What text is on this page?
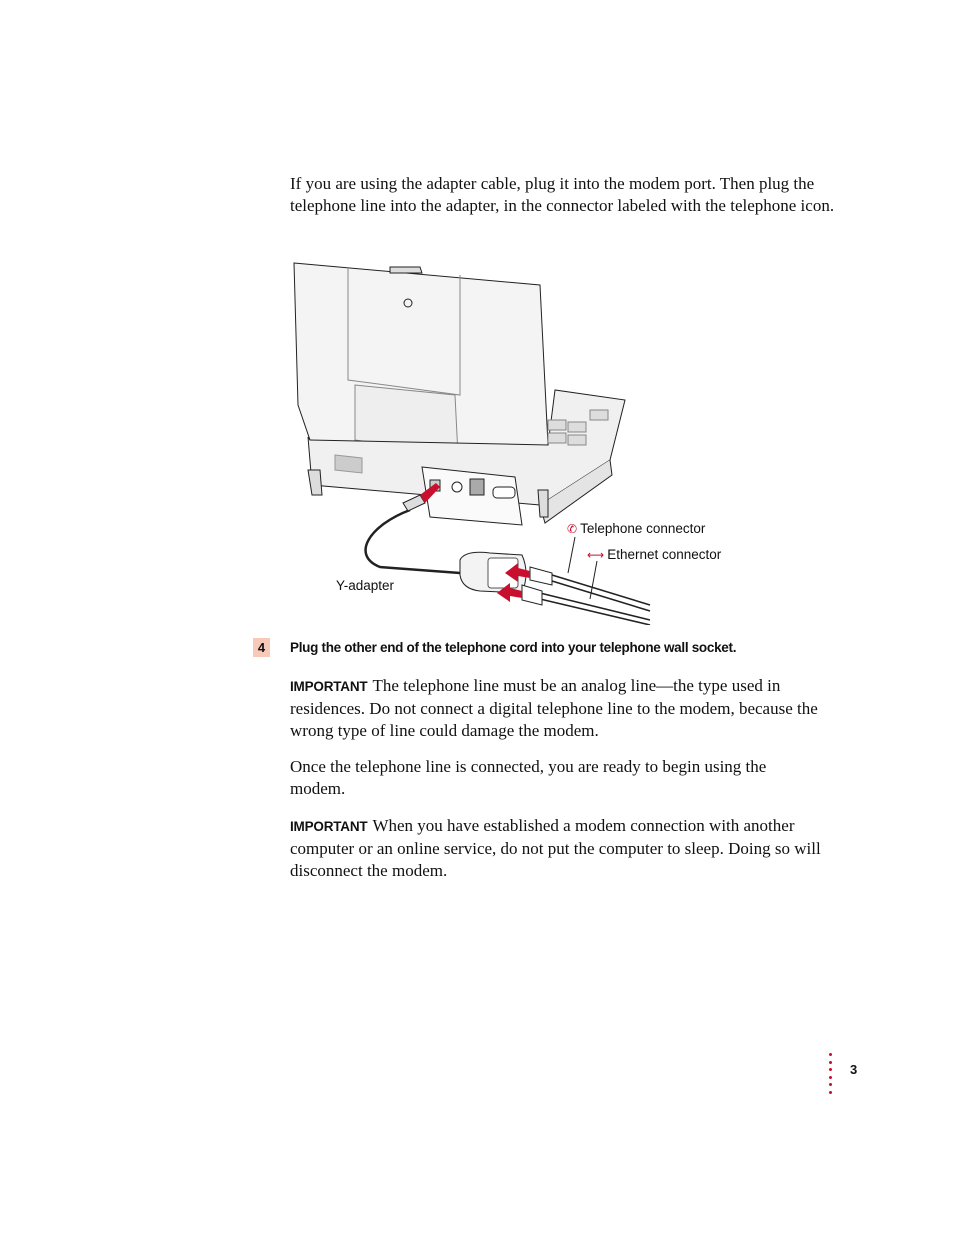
If you are using the adapter cable, plug it into the modem port. Then plug the telephone line into the adapter, in the connector labeled with the telephone icon.

✆ Telephone connector
⟷ Ethernet connector
Y-adapter
4	Plug the other end of the telephone cord into your telephone wall socket.

IMPORTANT The telephone line must be an analog line—the type used in residences. Do not connect a digital telephone line to the modem, because the wrong type of line could damage the modem.

Once the telephone line is connected, you are ready to begin using the modem.

IMPORTANT When you have established a modem connection with another computer or an online service, do not put the computer to sleep. Doing so will disconnect the modem.

3
